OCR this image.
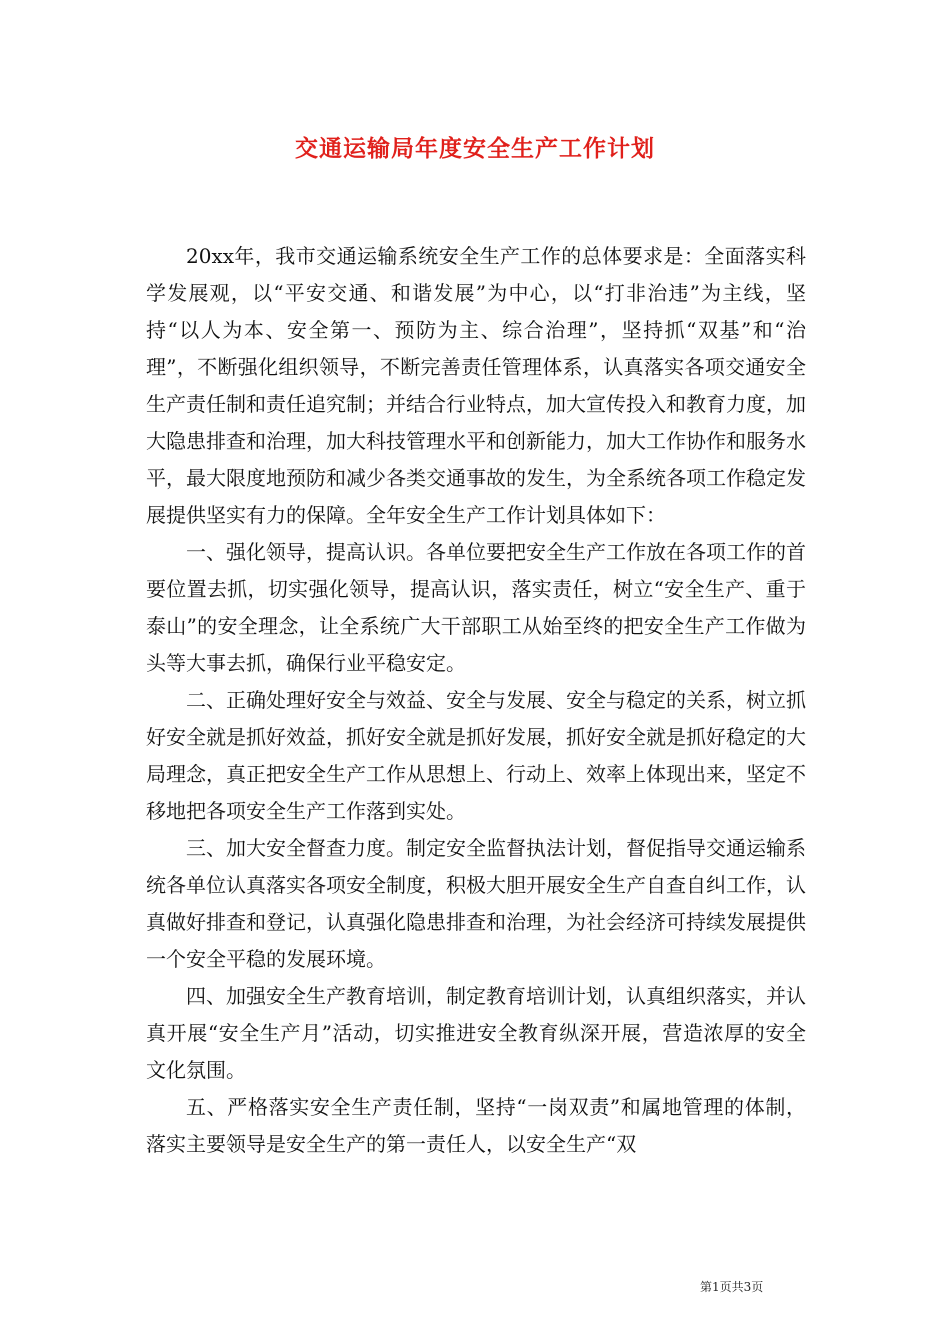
交通运输局年度安全生产工作计划

20xx年，我市交通运输系统安全生产工作的总体要求是：全面落实科学发展观，以“平安交通、和谐发展”为中心，以“打非治违”为主线，坚持“以人为本、安全第一、预防为主、综合治理”，坚持抓“双基”和“治理”，不断强化组织领导，不断完善责任管理体系，认真落实各项交通安全生产责任制和责任追究制；并结合行业特点，加大宣传投入和教育力度，加大隐患排查和治理，加大科技管理水平和创新能力，加大工作协作和服务水平，最大限度地预防和减少各类交通事故的发生，为全系统各项工作稳定发展提供坚实有力的保障。全年安全生产工作计划具体如下：

一、强化领导，提高认识。各单位要把安全生产工作放在各项工作的首要位置去抓，切实强化领导，提高认识，落实责任，树立“安全生产、重于泰山”的安全理念，让全系统广大干部职工从始至终的把安全生产工作做为头等大事去抓，确保行业平稳安定。

二、正确处理好安全与效益、安全与发展、安全与稳定的关系，树立抓好安全就是抓好效益，抓好安全就是抓好发展，抓好安全就是抓好稳定的大局理念，真正把安全生产工作从思想上、行动上、效率上体现出来，坚定不移地把各项安全生产工作落到实处。

三、加大安全督查力度。制定安全监督执法计划，督促指导交通运输系统各单位认真落实各项安全制度，积极大胆开展安全生产自查自纠工作，认真做好排查和登记，认真强化隐患排查和治理，为社会经济可持续发展提供一个安全平稳的发展环境。

四、加强安全生产教育培训，制定教育培训计划，认真组织落实，并认真开展“安全生产月”活动，切实推进安全教育纵深开展，营造浓厚的安全文化氛围。

五、严格落实安全生产责任制，坚持“一岗双责”和属地管理的体制，落实主要领导是安全生产的第一责任人，以安全生产“双

第1页共3页
